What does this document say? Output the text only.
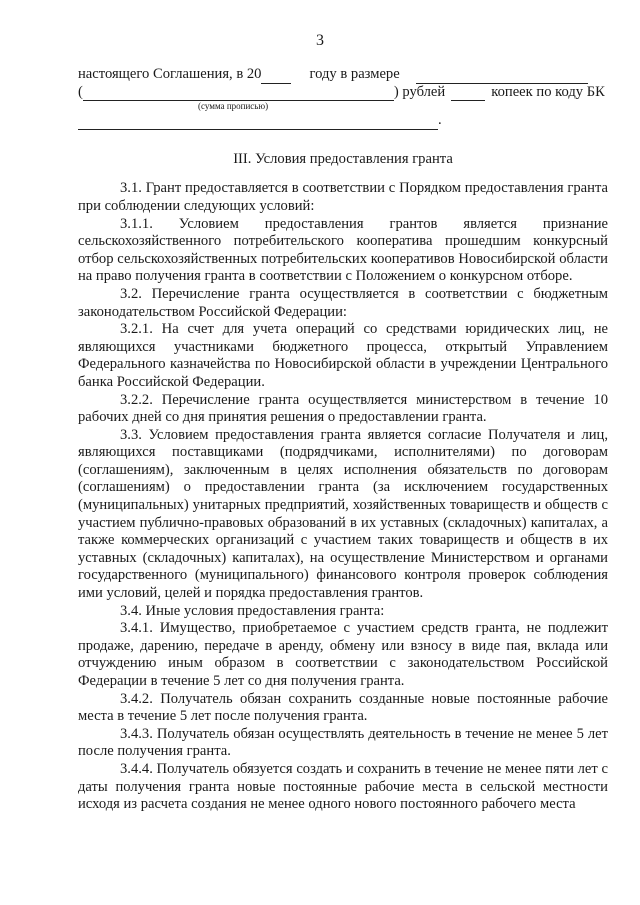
3
настоящего Соглашения, в 20	году в размере
(	) рублей	копеек по коду БК
(сумма прописью)
.
III. Условия предоставления гранта

3.1. Грант предоставляется в соответствии с Порядком предоставления гранта при соблюдении следующих условий:

3.1.1. Условием предоставления грантов является признание сельскохозяйственного потребительского кооператива прошедшим конкурсный отбор сельскохозяйственных потребительских кооперативов Новосибирской области на право получения гранта в соответствии с Положением о конкурсном отборе.

3.2. Перечисление гранта осуществляется в соответствии с бюджетным законодательством Российской Федерации:

3.2.1. На счет для учета операций со средствами юридических лиц, не являющихся участниками бюджетного процесса, открытый Управлением Федерального казначейства по Новосибирской области в учреждении Центрального банка Российской Федерации.

3.2.2. Перечисление гранта осуществляется министерством в течение 10 рабочих дней со дня принятия решения о предоставлении гранта.

3.3. Условием предоставления гранта является согласие Получателя и лиц, являющихся поставщиками (подрядчиками, исполнителями) по договорам (соглашениям), заключенным в целях исполнения обязательств по договорам (соглашениям) о предоставлении гранта (за исключением государственных (муниципальных) унитарных предприятий, хозяйственных товариществ и обществ с участием публично-правовых образований в их уставных (складочных) капиталах, а также коммерческих организаций с участием таких товариществ и обществ в их уставных (складочных) капиталах), на осуществление Министерством и органами государственного (муниципального) финансового контроля проверок соблюдения ими условий, целей и порядка предоставления грантов.

3.4. Иные условия предоставления гранта:

3.4.1. Имущество, приобретаемое с участием средств гранта, не подлежит продаже, дарению, передаче в аренду, обмену или взносу в виде пая, вклада или отчуждению иным образом в соответствии с законодательством Российской Федерации в течение 5 лет со дня получения гранта.

3.4.2. Получатель обязан сохранить созданные новые постоянные рабочие места в течение 5 лет после получения гранта.

3.4.3. Получатель обязан осуществлять деятельность в течение не менее 5 лет после получения гранта.

3.4.4. Получатель обязуется создать и сохранить в течение не менее пяти лет с даты получения гранта новые постоянные рабочие места в сельской местности исходя из расчета создания не менее одного нового постоянного рабочего места
